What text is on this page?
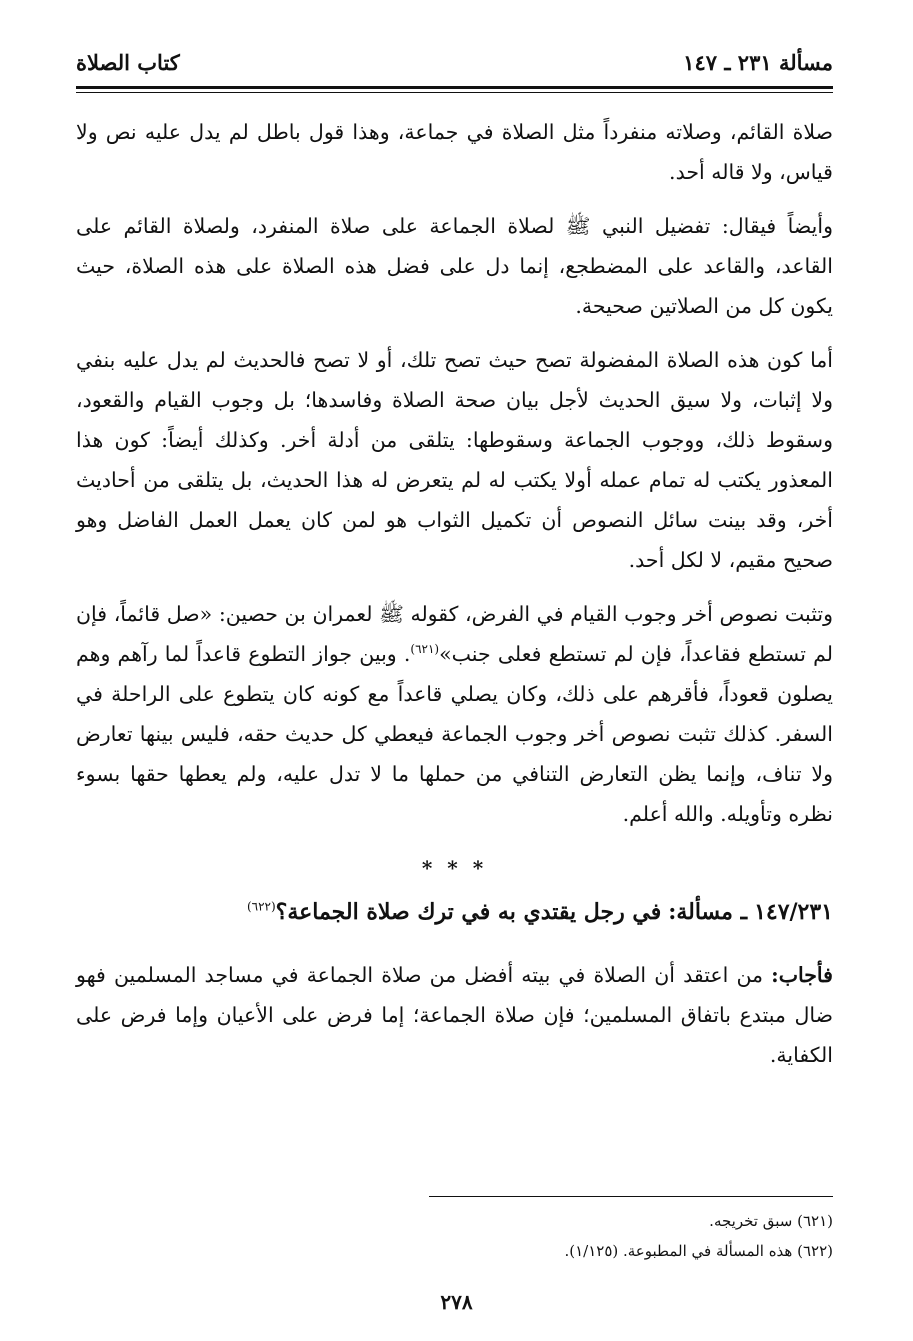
مسألة ٢٣١ ـ ١٤٧
كتاب الصلاة

صلاة القائم، وصلاته منفرداً مثل الصلاة في جماعة، وهذا قول باطل لم يدل عليه نص ولا قياس، ولا قاله أحد.

وأيضاً فيقال: تفضيل النبي ﷺ لصلاة الجماعة على صلاة المنفرد، ولصلاة القائم على القاعد، والقاعد على المضطجع، إنما دل على فضل هذه الصلاة على هذه الصلاة، حيث يكون كل من الصلاتين صحيحة.

أما كون هذه الصلاة المفضولة تصح حيث تصح تلك، أو لا تصح فالحديث لم يدل عليه بنفي ولا إثبات، ولا سيق الحديث لأجل بيان صحة الصلاة وفاسدها؛ بل وجوب القيام والقعود، وسقوط ذلك، ووجوب الجماعة وسقوطها: يتلقى من أدلة أخر. وكذلك أيضاً: كون هذا المعذور يكتب له تمام عمله أولا يكتب له لم يتعرض له هذا الحديث، بل يتلقى من أحاديث أخر، وقد بينت سائل النصوص أن تكميل الثواب هو لمن كان يعمل العمل الفاضل وهو صحيح مقيم، لا لكل أحد.

وتثبت نصوص أخر وجوب القيام في الفرض، كقوله ﷺ لعمران بن حصين: «صل قائماً، فإن لم تستطع فقاعداً، فإن لم تستطع فعلى جنب»$^{(٦٢١)}$. وبين جواز التطوع قاعداً لما رآهم وهم يصلون قعوداً، فأقرهم على ذلك، وكان يصلي قاعداً مع كونه كان يتطوع على الراحلة في السفر. كذلك تثبت نصوص أخر وجوب الجماعة فيعطي كل حديث حقه، فليس بينها تعارض ولا تناف، وإنما يظن التعارض التنافي من حملها ما لا تدل عليه، ولم يعطها حقها بسوء نظره وتأويله. والله أعلم.

* * *
١٤٧/٢٣١ ـ مسألة: في رجل يقتدي به في ترك صلاة الجماعة؟$^{(٦٢٢)}$

فأجاب: من اعتقد أن الصلاة في بيته أفضل من صلاة الجماعة في مساجد المسلمين فهو ضال مبتدع باتفاق المسلمين؛ فإن صلاة الجماعة؛ إما فرض على الأعيان وإما فرض على الكفاية.

(٦٢١) سبق تخريجه.
(٦٢٢) هذه المسألة في المطبوعة. (١/١٢٥).
٢٧٨
